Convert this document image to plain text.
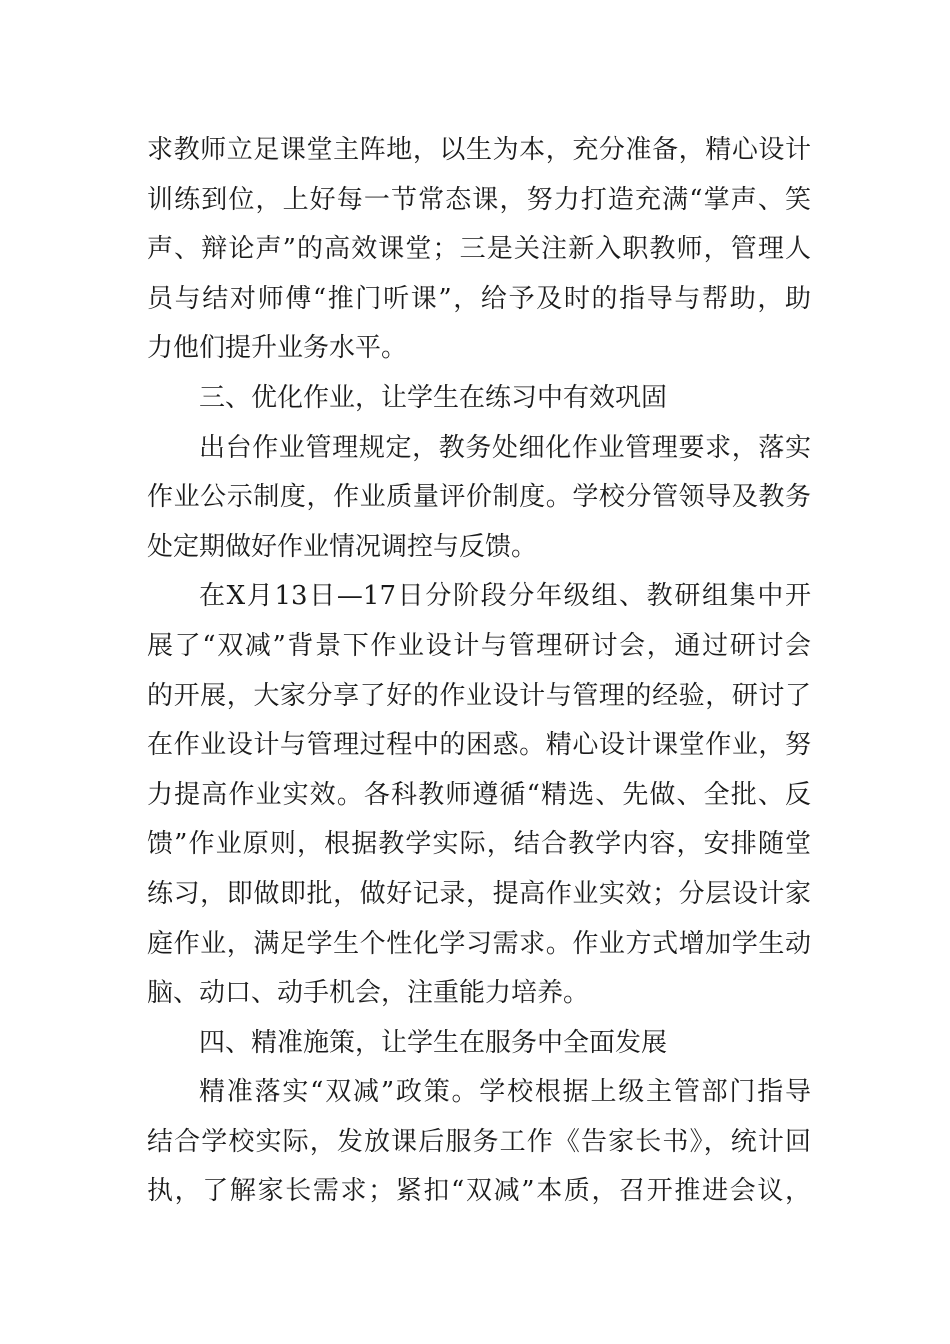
求教师立足课堂主阵地，以生为本，充分准备，精心设计
训练到位，上好每一节常态课，努力打造充满“掌声、笑
声、辩论声”的高效课堂；三是关注新入职教师，管理人
员与结对师傅“推门听课”，给予及时的指导与帮助，助
力他们提升业务水平。
三、优化作业，让学生在练习中有效巩固
出台作业管理规定，教务处细化作业管理要求，落实
作业公示制度，作业质量评价制度。学校分管领导及教务
处定期做好作业情况调控与反馈。
在X月13日—17日分阶段分年级组、教研组集中开
展了“双减”背景下作业设计与管理研讨会，通过研讨会
的开展，大家分享了好的作业设计与管理的经验，研讨了
在作业设计与管理过程中的困惑。精心设计课堂作业，努
力提高作业实效。各科教师遵循“精选、先做、全批、反
馈”作业原则，根据教学实际，结合教学内容，安排随堂
练习，即做即批，做好记录，提高作业实效；分层设计家
庭作业，满足学生个性化学习需求。作业方式增加学生动
脑、动口、动手机会，注重能力培养。
四、精准施策，让学生在服务中全面发展
精准落实“双减”政策。学校根据上级主管部门指导
结合学校实际，发放课后服务工作《告家长书》，统计回
执，了解家长需求；紧扣“双减”本质，召开推进会议，
